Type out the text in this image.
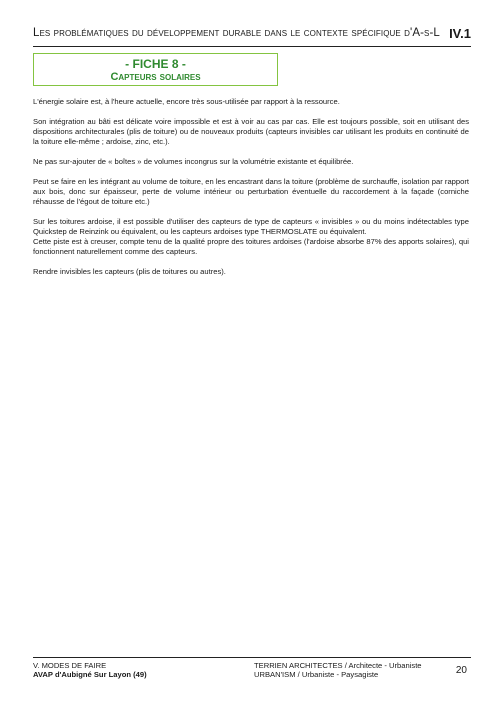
Les problématiques du développement durable dans le contexte spécifique d'A-s-L IV.1
- FICHE 8 -
Capteurs solaires

L'énergie solaire est, à l'heure actuelle, encore très sous-utilisée par rapport à la ressource.

Son intégration au bâti est délicate voire impossible et est à voir au cas par cas. Elle est toujours possible, soit en utilisant des dispositions architecturales (plis de toiture) ou de nouveaux produits (capteurs invisibles car utilisant les produits en continuité de la toiture elle-même ; ardoise, zinc, etc.).

Ne pas sur-ajouter de « boîtes » de volumes incongrus sur la volumétrie existante et équilibrée.

Peut se faire en les intégrant au volume de toiture, en les encastrant dans la toiture (problème de surchauffe, isolation par rapport aux bois, donc sur épaisseur, perte de volume intérieur ou perturbation éventuelle du raccordement à la façade (corniche réhausse de l'égout de toiture etc.)

Sur les toitures ardoise, il est possible d'utiliser des capteurs de type de capteurs « invisibles » ou du moins indétectables type Quickstep de Reinzink ou équivalent, ou les capteurs ardoises type THERMOSLATE ou équivalent.

Cette piste est à creuser, compte tenu de la qualité propre des toitures ardoises (l'ardoise absorbe 87% des apports solaires), qui fonctionnent naturellement comme des capteurs.

Rendre invisibles les capteurs (plis de toitures ou autres).

V. MODES DE FAIRE
AVAP d'Aubigné Sur Layon (49)
TERRIEN ARCHITECTES / Architecte - Urbaniste
URBAN'ISM / Urbaniste - Paysagiste	20
